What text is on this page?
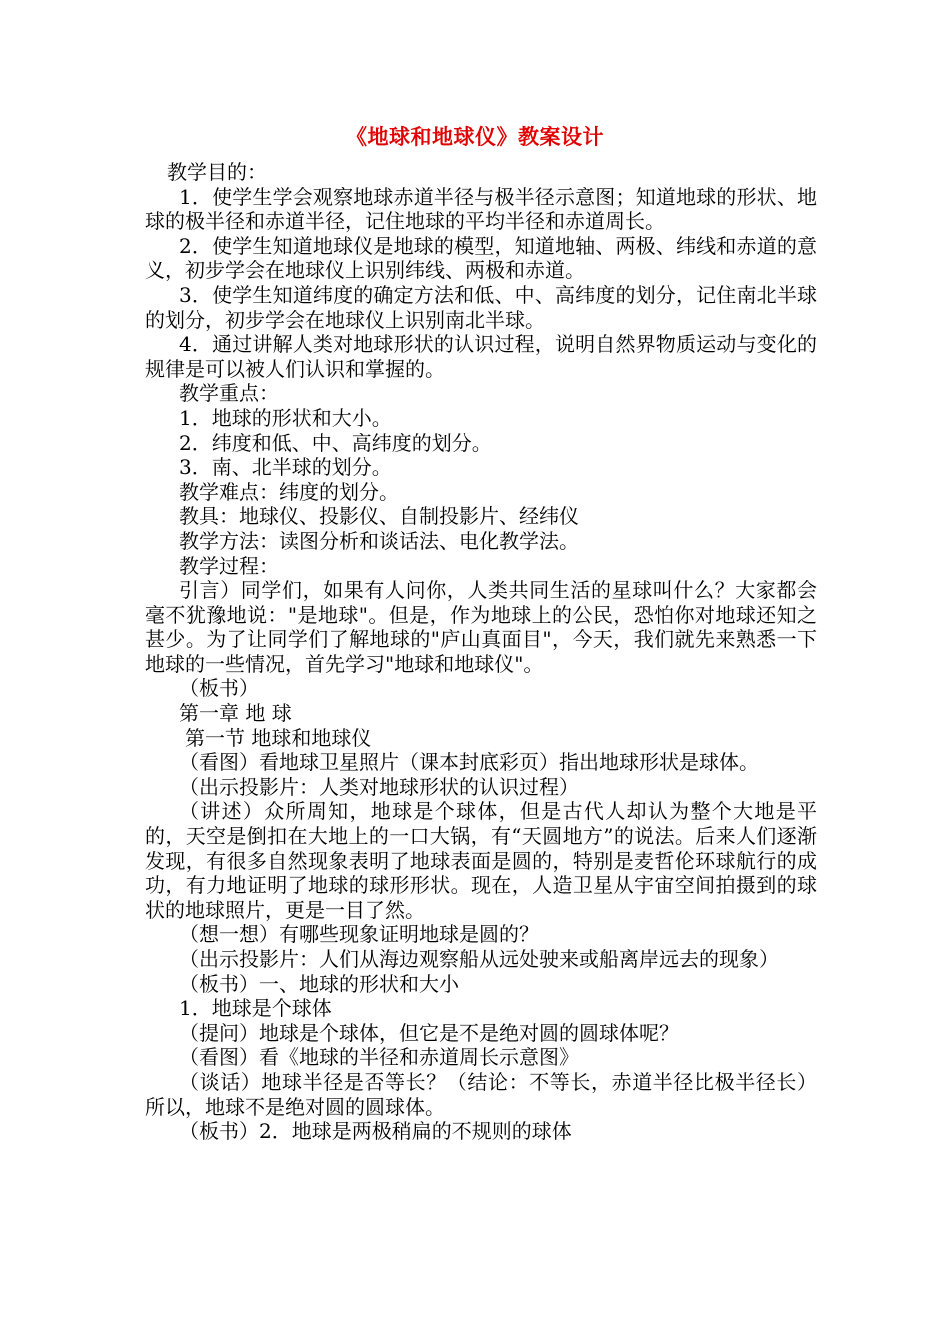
《地球和地球仪》教案设计

教学目的：

1．使学生学会观察地球赤道半径与极半径示意图；知道地球的形状、地球的极半径和赤道半径，记住地球的平均半径和赤道周长。

2．使学生知道地球仪是地球的模型，知道地轴、两极、纬线和赤道的意义，初步学会在地球仪上识别纬线、两极和赤道。

3．使学生知道纬度的确定方法和低、中、高纬度的划分，记住南北半球的划分，初步学会在地球仪上识别南北半球。

4．通过讲解人类对地球形状的认识过程，说明自然界物质运动与变化的规律是可以被人们认识和掌握的。

教学重点：

1．地球的形状和大小。

2．纬度和低、中、高纬度的划分。

3．南、北半球的划分。

教学难点：纬度的划分。

教具：地球仪、投影仪、自制投影片、经纬仪

教学方法：读图分析和谈话法、电化教学法。

教学过程：

引言）同学们，如果有人问你，人类共同生活的星球叫什么？大家都会毫不犹豫地说："是地球"。但是，作为地球上的公民，恐怕你对地球还知之甚少。为了让同学们了解地球的"庐山真面目"，今天，我们就先来熟悉一下地球的一些情况，首先学习"地球和地球仪"。

（板书）

第一章 地 球

第一节 地球和地球仪

（看图）看地球卫星照片（课本封底彩页）指出地球形状是球体。

（出示投影片：人类对地球形状的认识过程）

（讲述）众所周知，地球是个球体，但是古代人却认为整个大地是平的，天空是倒扣在大地上的一口大锅，有“天圆地方”的说法。后来人们逐渐发现，有很多自然现象表明了地球表面是圆的，特别是麦哲伦环球航行的成功，有力地证明了地球的球形形状。现在，人造卫星从宇宙空间拍摄到的球状的地球照片，更是一目了然。

（想一想）有哪些现象证明地球是圆的？

（出示投影片：人们从海边观察船从远处驶来或船离岸远去的现象）

（板书）一、地球的形状和大小

1．地球是个球体

（提问）地球是个球体，但它是不是绝对圆的圆球体呢？

（看图）看《地球的半径和赤道周长示意图》

（谈话）地球半径是否等长？（结论：不等长，赤道半径比极半径长）所以，地球不是绝对圆的圆球体。

（板书）2．地球是两极稍扁的不规则的球体
